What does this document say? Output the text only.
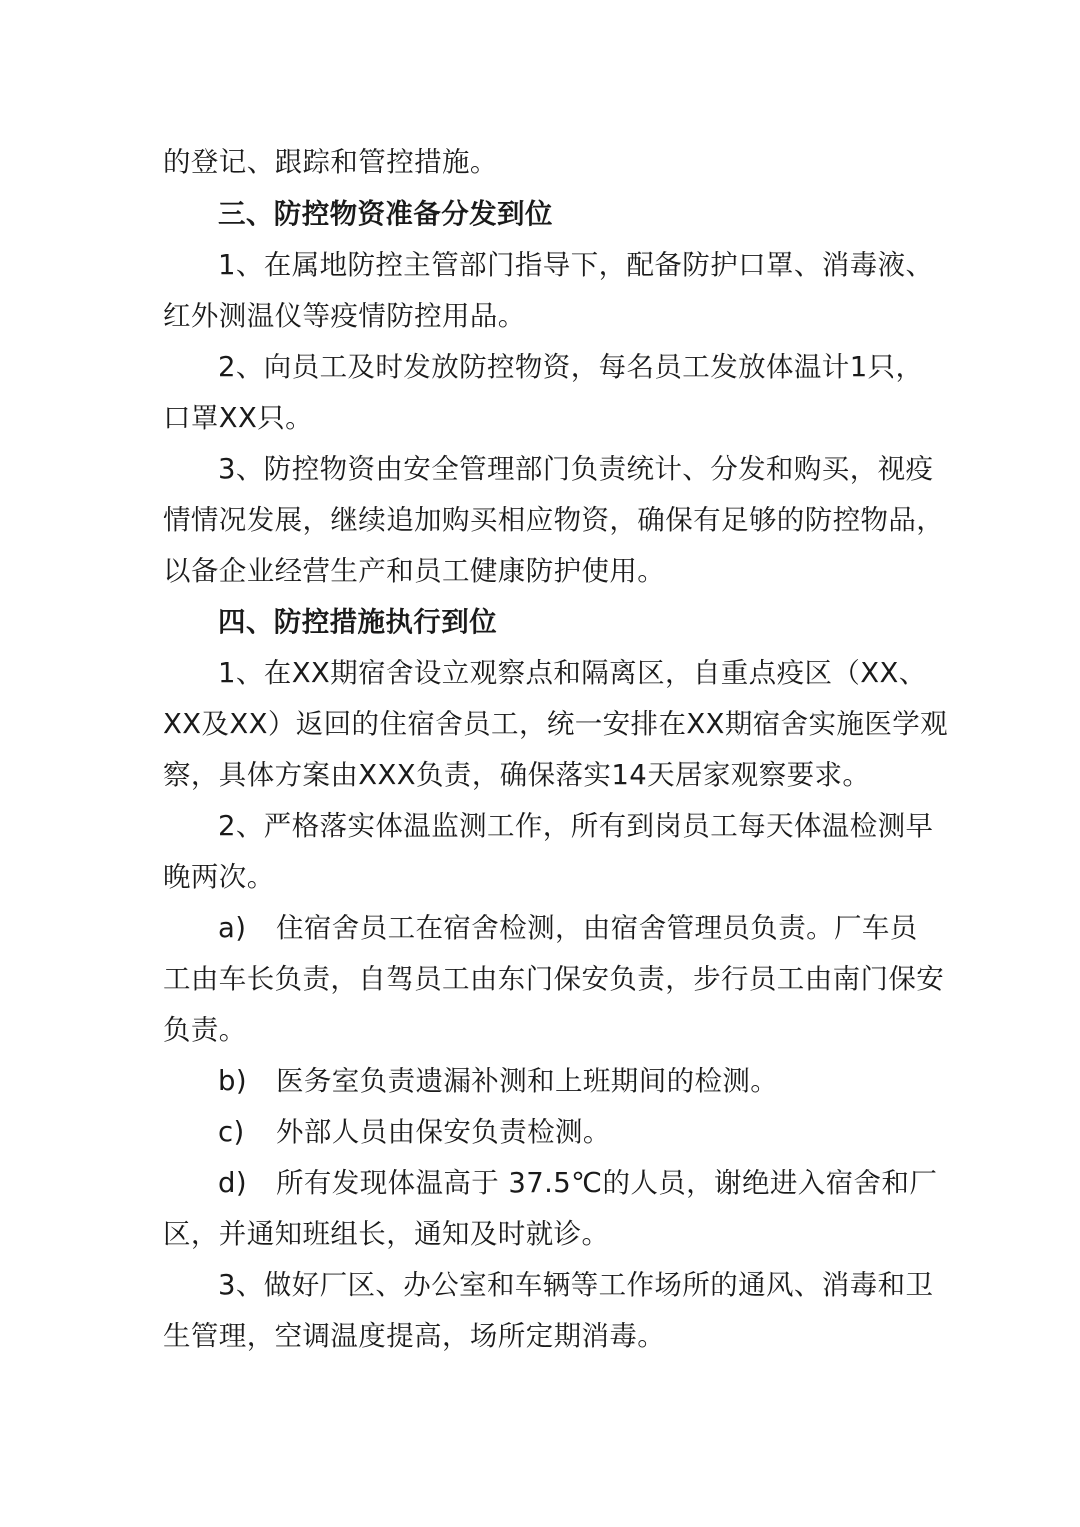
的登记、跟踪和管控措施。
三、防控物资准备分发到位
1、在属地防控主管部门指导下，配备防护口罩、消毒液、
红外测温仪等疫情防控用品。
2、向员工及时发放防控物资，每名员工发放体温计1只，
口罩XX只。
3、防控物资由安全管理部门负责统计、分发和购买，视疫
情情况发展，继续追加购买相应物资，确保有足够的防控物品，
以备企业经营生产和员工健康防护使用。
四、防控措施执行到位
1、在XX期宿舍设立观察点和隔离区，自重点疫区（XX、
XX及XX）返回的住宿舍员工，统一安排在XX期宿舍实施医学观
察，具体方案由XXX负责，确保落实14天居家观察要求。
2、严格落实体温监测工作，所有到岗员工每天体温检测早
晚两次。
a) 住宿舍员工在宿舍检测，由宿舍管理员负责。厂车员
工由车长负责，自驾员工由东门保安负责，步行员工由南门保安
负责。
b) 医务室负责遗漏补测和上班期间的检测。
c) 外部人员由保安负责检测。
d) 所有发现体温高于 37.5℃的人员，谢绝进入宿舍和厂
区，并通知班组长，通知及时就诊。
3、做好厂区、办公室和车辆等工作场所的通风、消毒和卫
生管理，空调温度提高，场所定期消毒。
